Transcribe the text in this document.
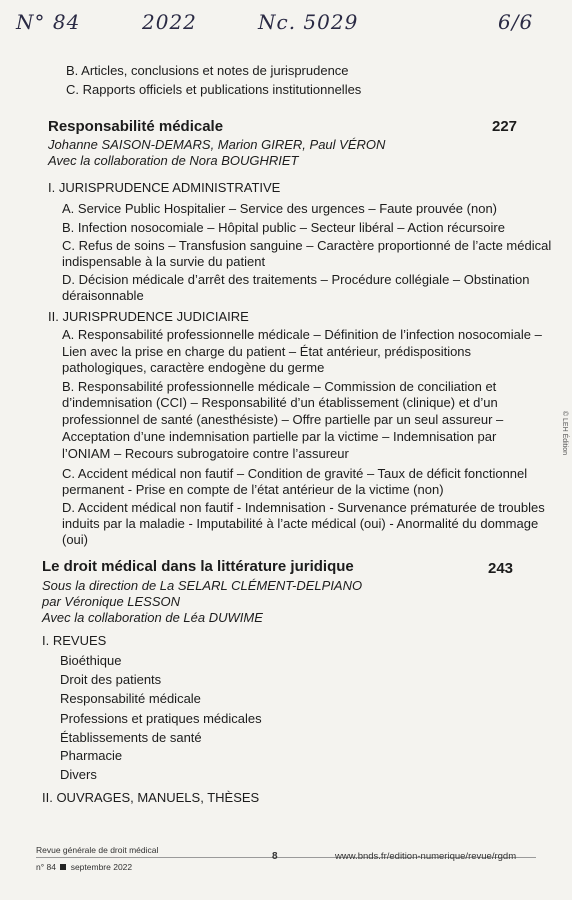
N° 84	2022	Nc. 5029	6/6
B. Articles, conclusions et notes de jurisprudence
C. Rapports officiels et publications institutionnelles
Responsabilité médicale	227
Johanne SAISON-DEMARS, Marion GIRER, Paul VÉRON
Avec la collaboration de Nora BOUGHRIET
I. JURISPRUDENCE ADMINISTRATIVE
A. Service Public Hospitalier – Service des urgences – Faute prouvée (non)
B. Infection nosocomiale – Hôpital public – Secteur libéral – Action récursoire
C. Refus de soins – Transfusion sanguine – Caractère proportionné de l’acte médical
indispensable à la survie du patient
D. Décision médicale d’arrêt des traitements – Procédure collégiale – Obstination
déraisonnable
II. JURISPRUDENCE JUDICIAIRE
A. Responsabilité professionnelle médicale – Définition de l’infection nosocomiale –
Lien avec la prise en charge du patient – État antérieur, prédispositions
pathologiques, caractère endogène du germe
B. Responsabilité professionnelle médicale – Commission de conciliation et
d’indemnisation (CCI) – Responsabilité d’un établissement (clinique) et d’un
professionnel de santé (anesthésiste) – Offre partielle par un seul assureur –
Acceptation d’une indemnisation partielle par la victime – Indemnisation par
l’ONIAM – Recours subrogatoire contre l’assureur
C. Accident médical non fautif – Condition de gravité – Taux de déficit fonctionnel
permanent - Prise en compte de l’état antérieur de la victime (non)
D. Accident médical non fautif - Indemnisation - Survenance prématurée de troubles
induits par la maladie - Imputabilité à l’acte médical (oui) - Anormalité du dommage
(oui)
Le droit médical dans la littérature juridique	243
Sous la direction de La SELARL CLÉMENT-DELPIANO
par Véronique LESSON
Avec la collaboration de Léa DUWIME
I. REVUES
Bioéthique
Droit des patients
Responsabilité médicale
Professions et pratiques médicales
Établissements de santé
Pharmacie
Divers
II. OUVRAGES, MANUELS, THÈSES
© LEH Édition
Revue générale de droit médical
n° 84 septembre 2022
8	www.bnds.fr/edition-numerique/revue/rgdm
